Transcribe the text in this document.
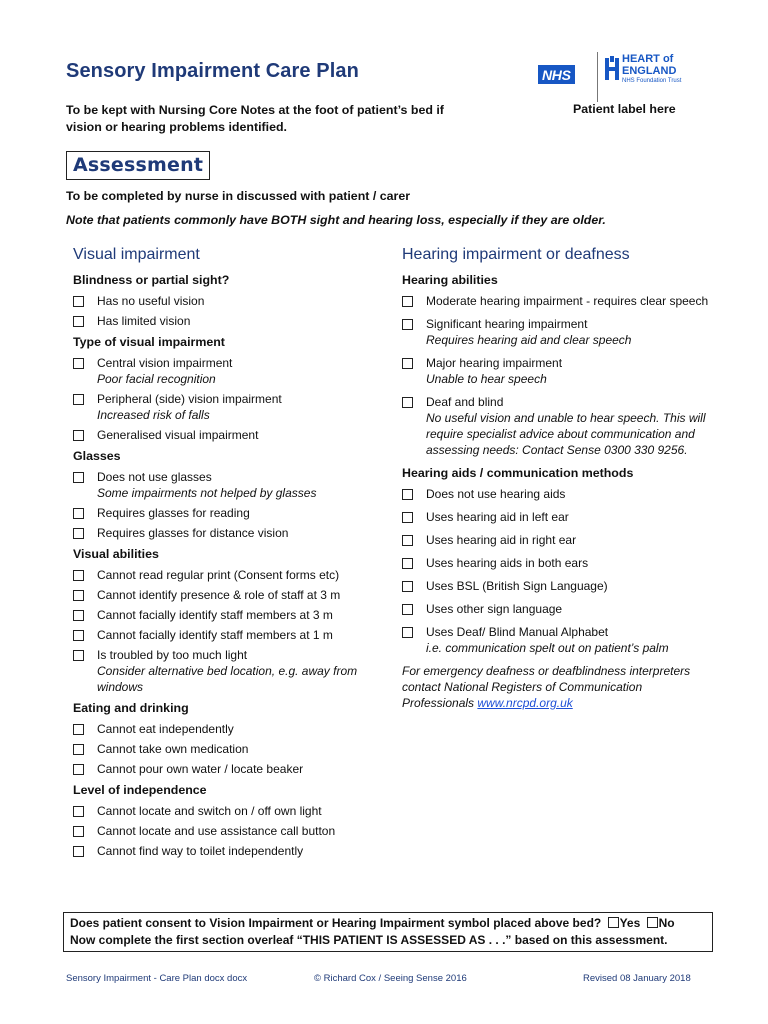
Sensory Impairment Care Plan	NHS
HEART of
ENGLAND
NHS Foundation Trust
To be kept with Nursing Core Notes at the foot of patient’s bed if vision or hearing problems identified.
Patient label here
Assessment
To be completed by nurse in discussed with patient / carer
Note that patients commonly have BOTH sight and hearing loss, especially if they are older.
Visual impairment
Blindness or partial sight?
Has no useful vision
Has limited vision
Type of visual impairment
Central vision impairment
Poor facial recognition
Peripheral (side) vision impairment
Increased risk of falls
Generalised visual impairment
Glasses
Does not use glasses
Some impairments not helped by glasses
Requires glasses for reading
Requires glasses for distance vision
Visual abilities
Cannot read regular print (Consent forms etc)
Cannot identify presence & role of staff at 3 m
Cannot facially identify staff members at 3 m
Cannot facially identify staff members at 1 m
Is troubled by too much light
Consider alternative bed location, e.g. away from windows
Eating and drinking
Cannot eat independently
Cannot take own medication
Cannot pour own water / locate beaker
Level of independence
Cannot locate and switch on / off own light
Cannot locate and use assistance call button
Cannot find way to toilet independently
Hearing impairment or deafness
Hearing abilities
Moderate hearing impairment - requires clear speech
Significant hearing impairment
Requires hearing aid and clear speech
Major hearing impairment
Unable to hear speech
Deaf and blind
No useful vision and unable to hear speech. This will require specialist advice about communication and assessing needs: Contact Sense 0300 330 9256.
Hearing aids / communication methods
Does not use hearing aids
Uses hearing aid in left ear
Uses hearing aid in right ear
Uses hearing aids in both ears
Uses BSL (British Sign Language)
Uses other sign language
Uses Deaf/ Blind Manual Alphabet
i.e. communication spelt out on patient’s palm
For emergency deafness or deafblindness interpreters contact National Registers of Communication Professionals www.nrcpd.org.uk
Does patient consent to Vision Impairment or Hearing Impairment symbol placed above bed? Yes No
Now complete the first section overleaf “THIS PATIENT IS ASSESSED AS . . .” based on this assessment.
Sensory Impairment - Care Plan docx docx	© Richard Cox / Seeing Sense 2016	Revised 08 January 2018
